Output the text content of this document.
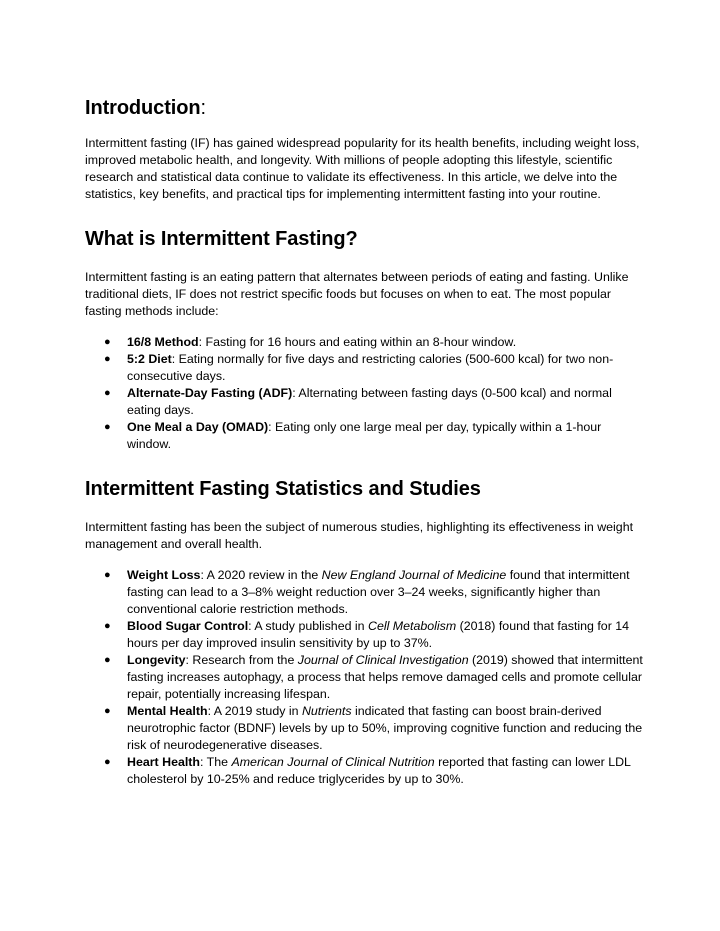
Introduction:

Intermittent fasting (IF) has gained widespread popularity for its health benefits, including weight loss, improved metabolic health, and longevity. With millions of people adopting this lifestyle, scientific research and statistical data continue to validate its effectiveness. In this article, we delve into the statistics, key benefits, and practical tips for implementing intermittent fasting into your routine.

What is Intermittent Fasting?

Intermittent fasting is an eating pattern that alternates between periods of eating and fasting. Unlike traditional diets, IF does not restrict specific foods but focuses on when to eat. The most popular fasting methods include:

● 16/8 Method: Fasting for 16 hours and eating within an 8-hour window.
● 5:2 Diet: Eating normally for five days and restricting calories (500-600 kcal) for two non-consecutive days.
● Alternate-Day Fasting (ADF): Alternating between fasting days (0-500 kcal) and normal eating days.
● One Meal a Day (OMAD): Eating only one large meal per day, typically within a 1-hour window.
Intermittent Fasting Statistics and Studies

Intermittent fasting has been the subject of numerous studies, highlighting its effectiveness in weight management and overall health.

● Weight Loss: A 2020 review in the New England Journal of Medicine found that intermittent fasting can lead to a 3–8% weight reduction over 3–24 weeks, significantly higher than conventional calorie restriction methods.
● Blood Sugar Control: A study published in Cell Metabolism (2018) found that fasting for 14 hours per day improved insulin sensitivity by up to 37%.
● Longevity: Research from the Journal of Clinical Investigation (2019) showed that intermittent fasting increases autophagy, a process that helps remove damaged cells and promote cellular repair, potentially increasing lifespan.
● Mental Health: A 2019 study in Nutrients indicated that fasting can boost brain-derived neurotrophic factor (BDNF) levels by up to 50%, improving cognitive function and reducing the risk of neurodegenerative diseases.
● Heart Health: The American Journal of Clinical Nutrition reported that fasting can lower LDL cholesterol by 10-25% and reduce triglycerides by up to 30%.
